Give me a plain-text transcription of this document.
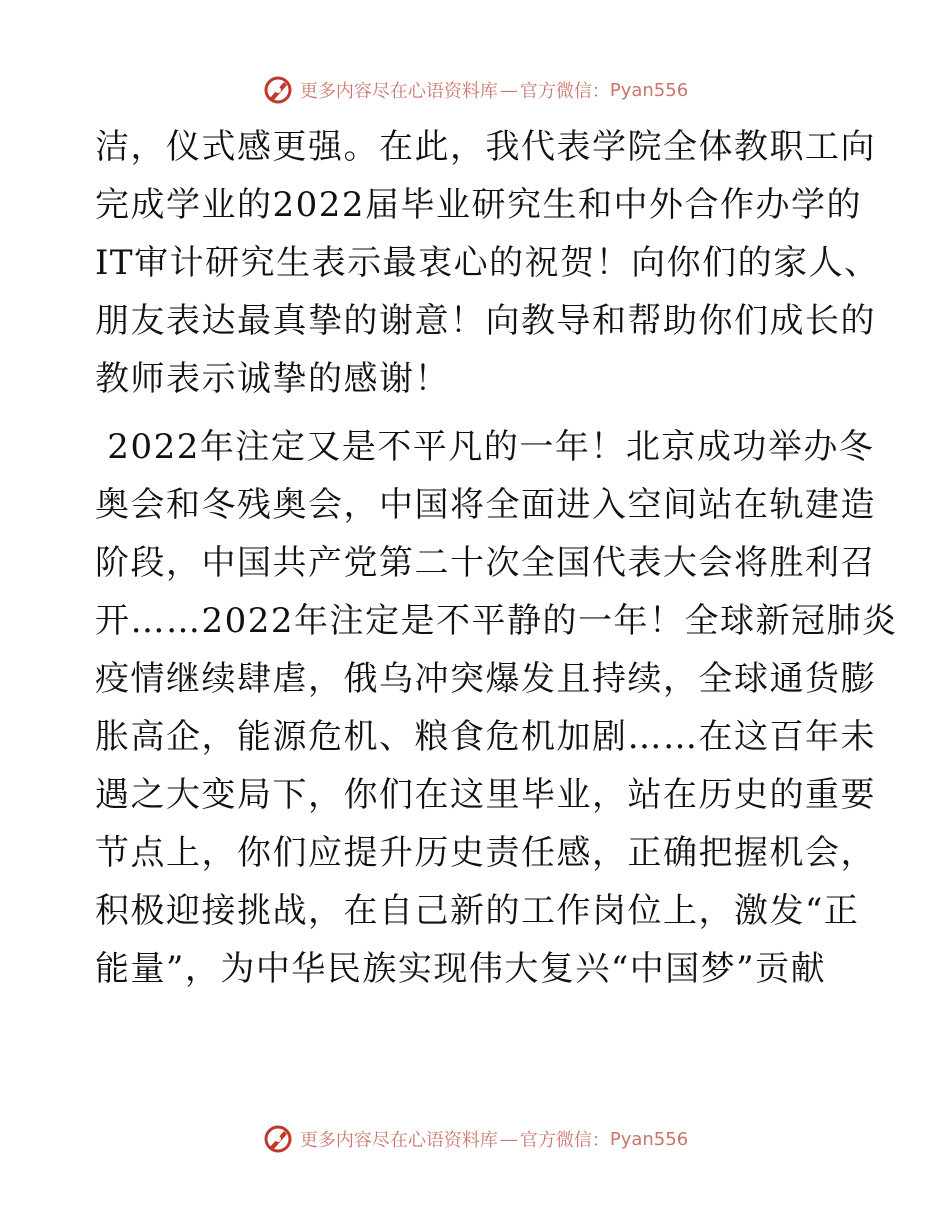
更多内容尽在心语资料库 — 官方微信： Pyan556
洁，仪式感更强。在此，我代表学院全体教职工向
完成学业的2022届毕业研究生和中外合作办学的
IT审计研究生表示最衷心的祝贺！向你们的家人、
朋友表达最真挚的谢意！向教导和帮助你们成长的
教师表示诚挚的感谢！
2022年注定又是不平凡的一年！北京成功举办冬
奥会和冬残奥会，中国将全面进入空间站在轨建造
阶段，中国共产党第二十次全国代表大会将胜利召
开……2022年注定是不平静的一年！全球新冠肺炎
疫情继续肆虐，俄乌冲突爆发且持续，全球通货膨
胀高企，能源危机、粮食危机加剧……在这百年未
遇之大变局下，你们在这里毕业，站在历史的重要
节点上，你们应提升历史责任感，正确把握机会，
积极迎接挑战，在自己新的工作岗位上，激发“正
能量”，为中华民族实现伟大复兴“中国梦”贡献
更多内容尽在心语资料库 — 官方微信： Pyan556
